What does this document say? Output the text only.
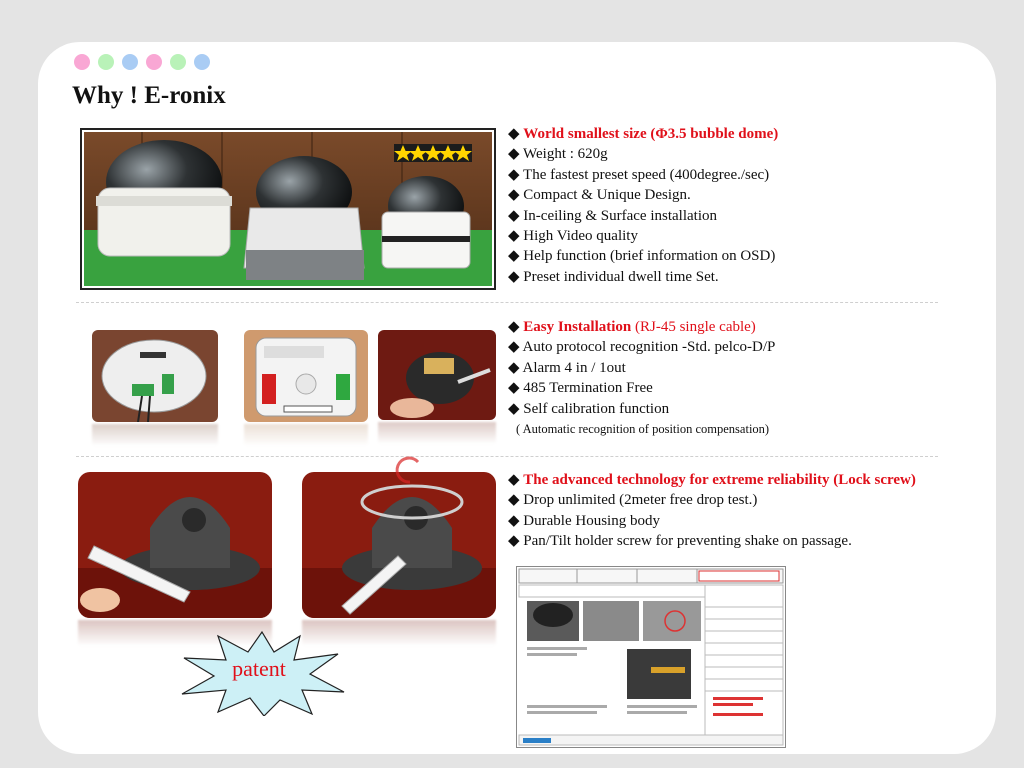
Why ! E-ronix
◆ World smallest size (Φ3.5 bubble dome)
◆ Weight : 620g
◆ The fastest preset speed (400degree./sec)
◆ Compact & Unique Design.
◆ In-ceiling & Surface installation
◆ High Video quality
◆ Help function (brief information on OSD)
◆ Preset individual dwell time Set.
◆ Easy Installation (RJ-45 single cable)
◆ Auto protocol recognition -Std. pelco-D/P
◆ Alarm 4 in / 1out
◆ 485 Termination Free
◆ Self calibration function
( Automatic recognition of position compensation)
patent
◆ The advanced technology for extreme reliability (Lock screw)
◆ Drop unlimited (2meter free drop test.)
◆ Durable Housing body
◆ Pan/Tilt holder screw for preventing shake on passage.
